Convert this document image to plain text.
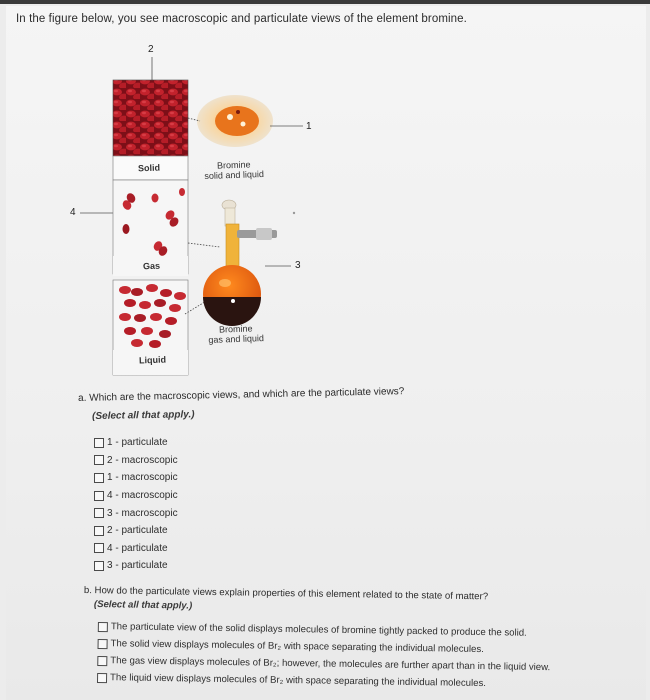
In the figure below, you see macroscopic and particulate views of the element bromine.
2
1
4
3
Solid
Gas
Liquid
Bromine
solid and liquid
Bromine
gas and liquid
a. Which are the macroscopic views, and which are the particulate views?
(Select all that apply.)
1 - particulate
2 - macroscopic
1 - macroscopic
4 - macroscopic
3 - macroscopic
2 - particulate
4 - particulate
3 - particulate
b. How do the particulate views explain properties of this element related to the state of matter?
(Select all that apply.)
The particulate view of the solid displays molecules of bromine tightly packed to produce the solid.
The solid view displays molecules of Br₂ with space separating the individual molecules.
The gas view displays molecules of Br₂; however, the molecules are further apart than in the liquid view.
The liquid view displays molecules of Br₂ with space separating the individual molecules.
